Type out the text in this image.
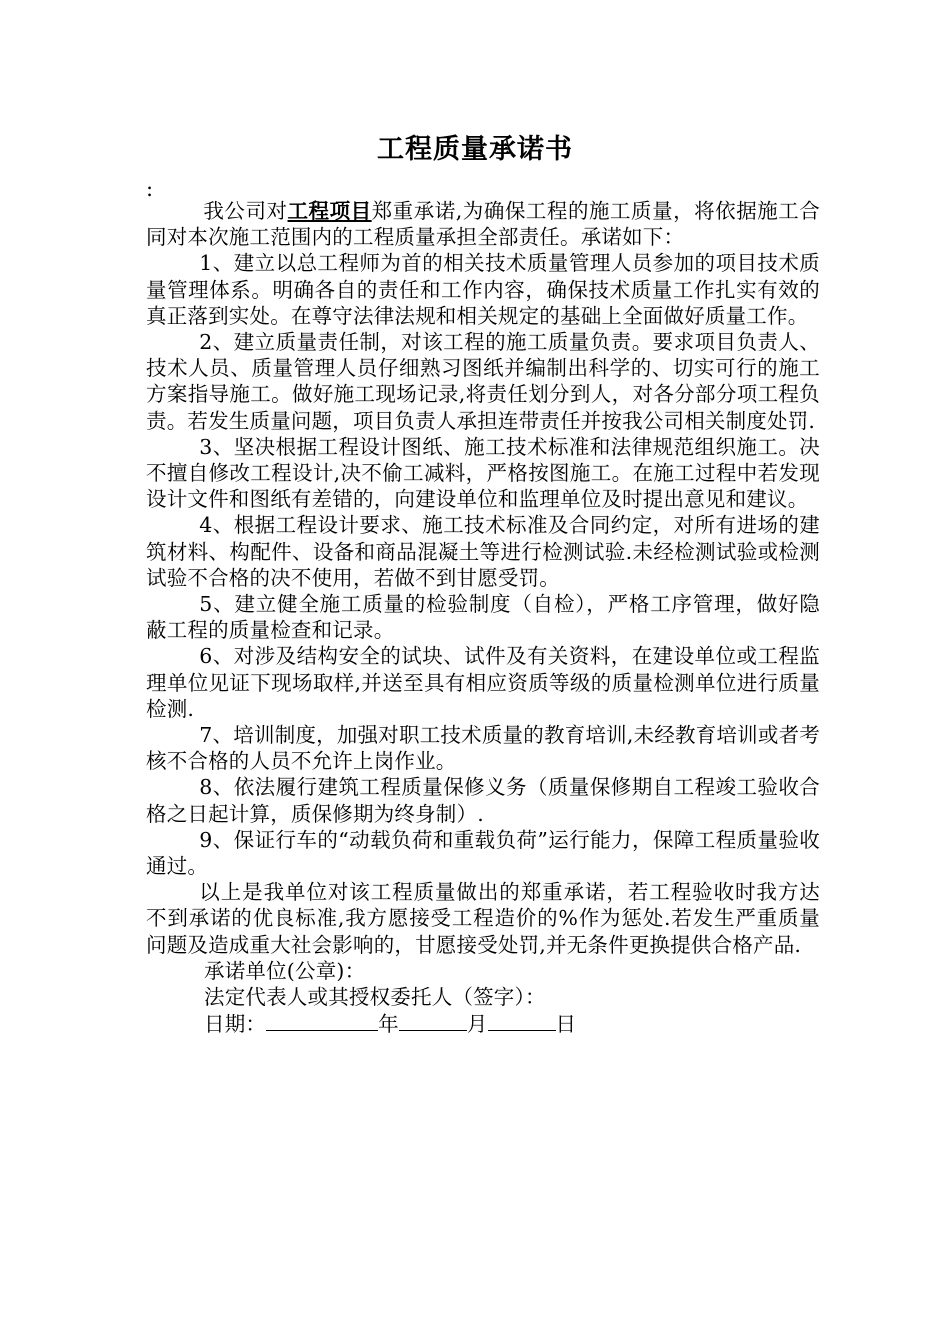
工程质量承诺书
:

我公司对工程项目郑重承诺,为确保工程的施工质量，将依据施工合同对本次施工范围内的工程质量承担全部责任。承诺如下：

1、建立以总工程师为首的相关技术质量管理人员参加的项目技术质量管理体系。明确各自的责任和工作内容，确保技术质量工作扎实有效的真正落到实处。在尊守法律法规和相关规定的基础上全面做好质量工作。

2、建立质量责任制，对该工程的施工质量负责。要求项目负责人、技术人员、质量管理人员仔细熟习图纸并编制出科学的、切实可行的施工方案指导施工。做好施工现场记录,将责任划分到人，对各分部分项工程负责。若发生质量问题，项目负责人承担连带责任并按我公司相关制度处罚.

3、坚决根据工程设计图纸、施工技术标准和法律规范组织施工。决不擅自修改工程设计,决不偷工减料，严格按图施工。在施工过程中若发现设计文件和图纸有差错的，向建设单位和监理单位及时提出意见和建议。

4、根据工程设计要求、施工技术标准及合同约定，对所有进场的建筑材料、构配件、设备和商品混凝土等进行检测试验.未经检测试验或检测试验不合格的决不使用，若做不到甘愿受罚。

5、建立健全施工质量的检验制度（自检），严格工序管理，做好隐蔽工程的质量检查和记录。

6、对涉及结构安全的试块、试件及有关资料，在建设单位或工程监理单位见证下现场取样,并送至具有相应资质等级的质量检测单位进行质量检测.

7、培训制度，加强对职工技术质量的教育培训,未经教育培训或者考核不合格的人员不允许上岗作业。

8、依法履行建筑工程质量保修义务（质量保修期自工程竣工验收合格之日起计算，质保修期为终身制）.

9、保证行车的“动载负荷和重载负荷”运行能力，保障工程质量验收通过。

以上是我单位对该工程质量做出的郑重承诺，若工程验收时我方达不到承诺的优良标准,我方愿接受工程造价的%作为惩处.若发生严重质量问题及造成重大社会影响的，甘愿接受处罚,并无条件更换提供合格产品.

承诺单位(公章)：
法定代表人或其授权委托人（签字）：
日期：	年	月	日
